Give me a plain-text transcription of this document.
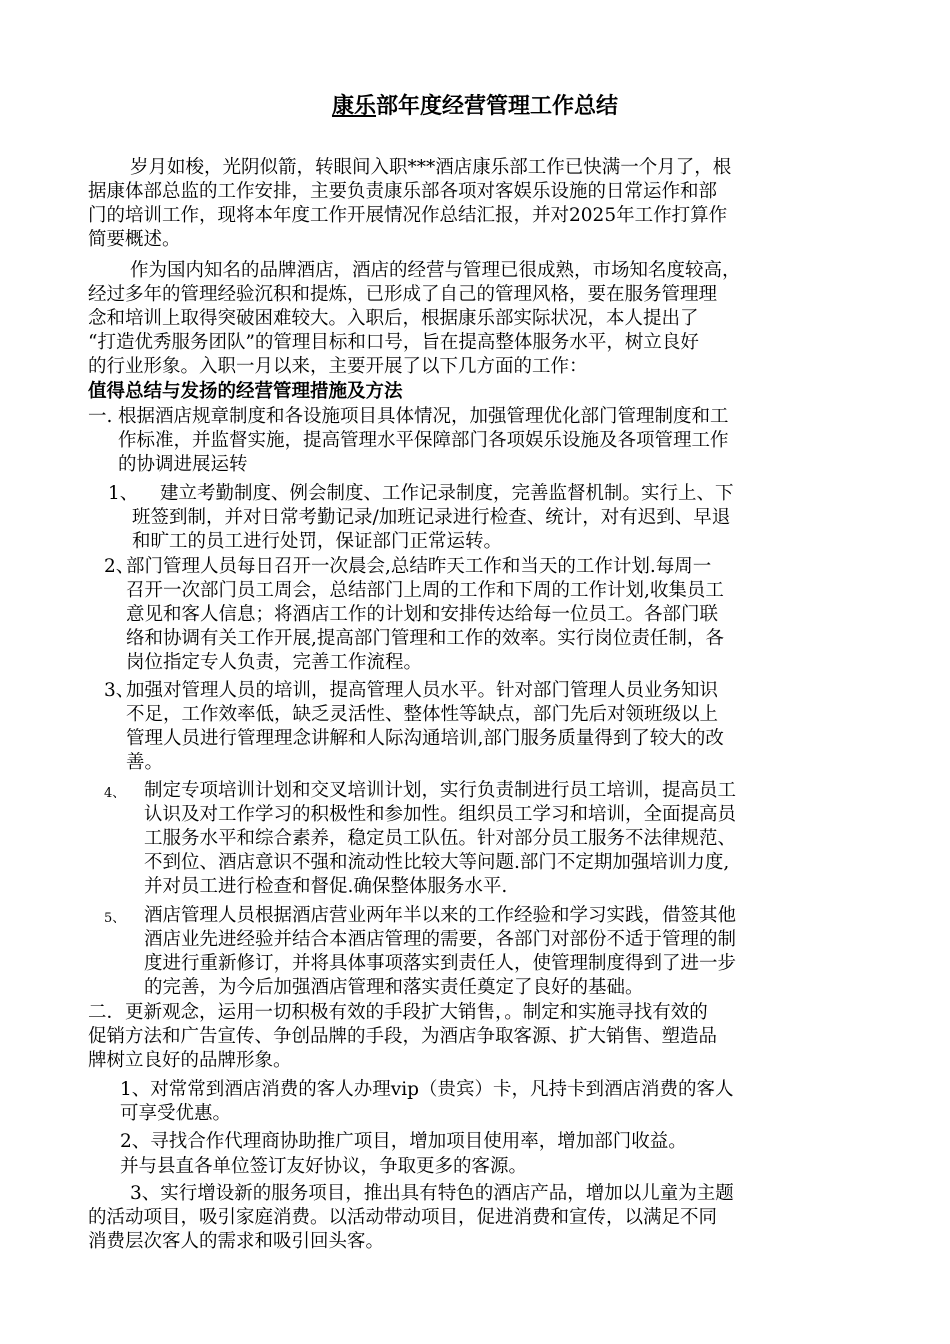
康乐部年度经营管理工作总结
岁月如梭，光阴似箭，转眼间入职***酒店康乐部工作已快满一个月了，根
据康体部总监的工作安排，主要负责康乐部各项对客娱乐设施的日常运作和部
门的培训工作，现将本年度工作开展情况作总结汇报，并对2025年工作打算作
简要概述。
作为国内知名的品牌酒店，酒店的经营与管理已很成熟，市场知名度较高，
经过多年的管理经验沉积和提炼，已形成了自己的管理风格，要在服务管理理
念和培训上取得突破困难较大。入职后，根据康乐部实际状况，本人提出了
“打造优秀服务团队”的管理目标和口号，旨在提高整体服务水平，树立良好
的行业形象。入职一月以来，主要开展了以下几方面的工作：
值得总结与发扬的经营管理措施及方法
一. 根据酒店规章制度和各设施项目具体情况，加强管理优化部门管理制度和工
作标准，并监督实施，提高管理水平保障部门各项娱乐设施及各项管理工作
的协调进展运转
1、 建立考勤制度、例会制度、工作记录制度，完善监督机制。实行上、下
班签到制，并对日常考勤记录/加班记录进行检查、统计，对有迟到、早退
和旷工的员工进行处罚，保证部门正常运转。
2、
部门管理人员每日召开一次晨会,总结昨天工作和当天的工作计划.每周一
召开一次部门员工周会，总结部门上周的工作和下周的工作计划,收集员工
意见和客人信息；将酒店工作的计划和安排传达给每一位员工。各部门联
络和协调有关工作开展,提高部门管理和工作的效率。实行岗位责任制，各
岗位指定专人负责，完善工作流程。
3、
加强对管理人员的培训，提高管理人员水平。针对部门管理人员业务知识
不足，工作效率低，缺乏灵活性、整体性等缺点，部门先后对领班级以上
管理人员进行管理理念讲解和人际沟通培训,部门服务质量得到了较大的改
善。
4、 制定专项培训计划和交叉培训计划，实行负责制进行员工培训，提高员工
认识及对工作学习的积极性和参加性。组织员工学习和培训，全面提高员
工服务水平和综合素养，稳定员工队伍。针对部分员工服务不法律规范、
不到位、酒店意识不强和流动性比较大等问题.部门不定期加强培训力度,
并对员工进行检查和督促.确保整体服务水平.
5、 酒店管理人员根据酒店营业两年半以来的工作经验和学习实践，借签其他
酒店业先进经验并结合本酒店管理的需要，各部门对部份不适于管理的制
度进行重新修订，并将具体事项落实到责任人，使管理制度得到了进一步
的完善，为今后加强酒店管理和落实责任奠定了良好的基础。
二．更新观念，运用一切积极有效的手段扩大销售，。制定和实施寻找有效的
促销方法和广告宣传、争创品牌的手段，为酒店争取客源、扩大销售、塑造品
牌树立良好的品牌形象。
1、对常常到酒店消费的客人办理vip（贵宾）卡，凡持卡到酒店消费的客人
可享受优惠。
2、寻找合作代理商协助推广项目，增加项目使用率，增加部门收益。
并与县直各单位签订友好协议，争取更多的客源。
3、实行增设新的服务项目，推出具有特色的酒店产品，增加以儿童为主题
的活动项目，吸引家庭消费。以活动带动项目，促进消费和宣传，以满足不同
消费层次客人的需求和吸引回头客。
